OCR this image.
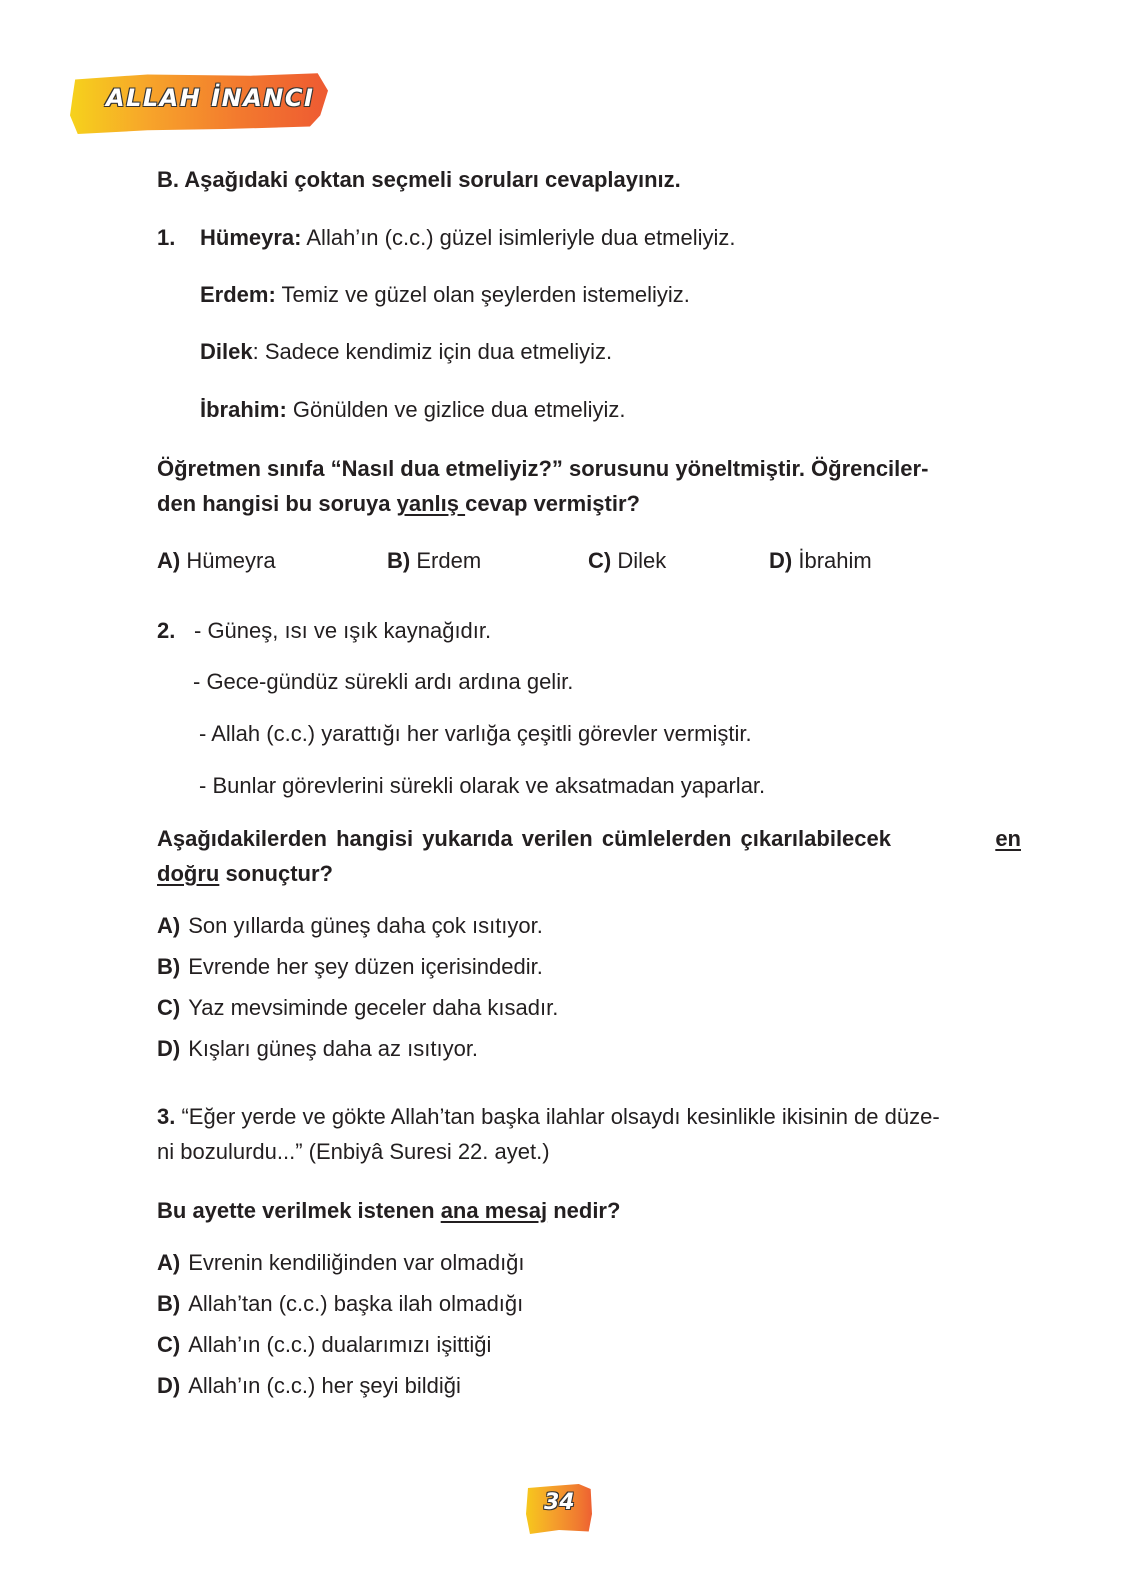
ALLAH İNANCI
B. Aşağıdaki çoktan seçmeli soruları cevaplayınız.
1. Hümeyra: Allah’ın (c.c.) güzel isimleriyle dua etmeliyiz.
Erdem: Temiz ve güzel olan şeylerden istemeliyiz.
Dilek: Sadece kendimiz için dua etmeliyiz.
İbrahim: Gönülden ve gizlice dua etmeliyiz.
Öğretmen sınıfa “Nasıl dua etmeliyiz?” sorusunu yöneltmiştir. Öğrenciler-
den hangisi bu soruya yanlış cevap vermiştir?
A) Hümeyra	B) Erdem	C) Dilek	D) İbrahim
2. - Güneş, ısı ve ışık kaynağıdır.
- Gece-gündüz sürekli ardı ardına gelir.
- Allah (c.c.) yarattığı her varlığa çeşitli görevler vermiştir.
- Bunlar görevlerini sürekli olarak ve aksatmadan yaparlar.
Aşağıdakilerden hangisi yukarıda verilen cümlelerden çıkarılabilecek	en
doğru sonuçtur?
A) Son yıllarda güneş daha çok ısıtıyor.
B) Evrende her şey düzen içerisindedir.
C) Yaz mevsiminde geceler daha kısadır.
D) Kışları güneş daha az ısıtıyor.
3. “Eğer yerde ve gökte Allah’tan başka ilahlar olsaydı kesinlikle ikisinin de düze-
ni bozulurdu...” (Enbiyâ Suresi 22. ayet.)
Bu ayette verilmek istenen ana mesaj nedir?
A) Evrenin kendiliğinden var olmadığı
B) Allah’tan (c.c.) başka ilah olmadığı
C) Allah’ın (c.c.) dualarımızı işittiği
D) Allah’ın (c.c.) her şeyi bildiği
34
